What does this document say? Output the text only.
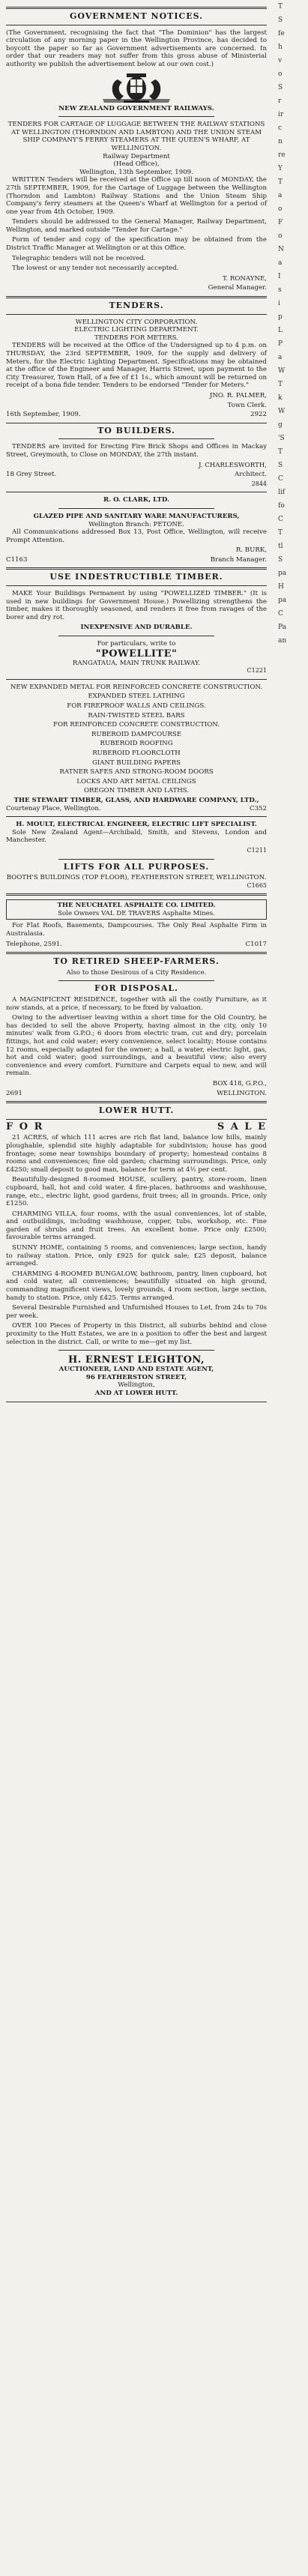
T
S
fe
h
v
o
S
r
ir
c
n
re
Y
T
a
o
F
o
N
a
I
s
i
p
L
P
a
W
T
k
W
g
'S
T
S
C
lif
fo
C
T
tl
S
pa
H
pa
C
Pa
an
GOVERNMENT NOTICES.

(The Government, recognising the fact that "The Dominion" has the largest circulation of any morning paper in the Wellington Province, has decided to boycott the paper so far as Government advertisements are concerned. In order that our readers may not suffer from this gross abuse of Ministerial authority we publish the advertisement below at our own cost.)

NEW ZEALAND GOVERNMENT RAILWAYS.
TENDERS FOR CARTAGE OF LUGGAGE BETWEEN THE RAILWAY STATIONS AT WELLINGTON (THORNDON AND LAMBTON) AND THE UNION STEAM SHIP COMPANY'S FERRY STEAMERS AT THE QUEEN'S WHARF, AT WELLINGTON.
Railway Department
(Head Office),
Wellington, 13th September, 1909.

WRITTEN Tenders will be received at the Office up till noon of MONDAY, the 27th SEPTEMBER, 1909, for the Cartage of Luggage between the Wellington (Thorndon and Lambton) Railway Stations and the Union Steam Ship Company's ferry steamers at the Queen's Wharf at Wellington for a period of one year from 4th October, 1909.

Tenders should be addressed to the General Manager, Railway Department, Wellington, and marked outside "Tender for Cartage."

Form of tender and copy of the specification may be obtained from the District Traffic Manager at Wellington or at this Office.

Telegraphic tenders will not be received.

The lowest or any tender not necessarily accepted.

T. RONAYNE,
General Manager.
TENDERS.
WELLINGTON CITY CORPORATION.
ELECTRIC LIGHTING DEPARTMENT.
TENDERS FOR METERS.

TENDERS will be received at the Office of the Undersigned up to 4 p.m. on THURSDAY, the 23rd SEPTEMBER, 1909, for the supply and delivery of Meters, for the Electric Lighting Department. Specifications may be obtained at the office of the Engineer and Manager, Harris Street, upon payment to the City Treasurer, Town Hall, of a fee of £1 1s., which amount will be returned on receipt of a bona fide tender. Tenders to be endorsed "Tender for Meters."

JNO. R. PALMER,
Town Clerk.
16th September, 1909.	2922
TO BUILDERS.

TENDERS are invited for Erecting Fire Brick Shops and Offices in Mackay Street, Greymouth, to Close on MONDAY, the 27th instant.

J. CHARLESWORTH,
18 Grey Street.	Architect.
2844
R. O. CLARK, LTD.
GLAZED PIPE AND SANITARY WARE MANUFACTURERS,
Wellington Branch: PETONE.

All Communications addressed Box 13, Post Office, Wellington, will receive Prompt Attention.

R. BURK,
C1163	Branch Manager.
USE INDESTRUCTIBLE TIMBER.

MAKE Your Buildings Permanent by using "POWELLIZED TIMBER." (It is used in new buildings for Government House.) Powellizing strengthens the timber, makes it thoroughly seasoned, and renders it free from ravages of the borer and dry rot.

INEXPENSIVE AND DURABLE.
For particulars, write to
"POWELLITE"
RANGATAUA, MAIN TRUNK RAILWAY.
C1221
NEW EXPANDED METAL FOR REINFORCED CONCRETE CONSTRUCTION.
EXPANDED STEEL LATHING
FOR FIREPROOF WALLS AND CEILINGS.
RAIN-TWISTED STEEL BARS
FOR REINFORCED CONCRETE CONSTRUCTION.
RUBEROID DAMPCOURSE
RUBEROID ROOFING
RUBEROID FLOORCLOTH
GIANT BUILDING PAPERS
RATNER SAFES AND STRONG-ROOM DOORS
LOCKS AND ART METAL CEILINGS
OREGON TIMBER AND LATHS.
THE STEWART TIMBER, GLASS, AND HARDWARE COMPANY, LTD.,
Courtenay Place, Wellington.	C352
H. MOULT, ELECTRICAL ENGINEER, ELECTRIC LIFT SPECIALIST.

Sole New Zealand Agent—Archibald, Smith, and Stevens, London and Manchester.

C1211
LIFTS FOR ALL PURPOSES.
BOOTH'S BUILDINGS (TOP FLOOR), FEATHERSTON STREET, WELLINGTON.
C1665
THE NEUCHATEL ASPHALTE CO. LIMITED.
Sole Owners VAL DE TRAVERS Asphalte Mines.

For Flat Roofs, Basements, Dampcourses. The Only Real Asphalte Firm in Australasia.

Telephone, 2591.	C1017
TO RETIRED SHEEP-FARMERS.
Also to those Desirous of a City Residence.
FOR DISPOSAL.

A MAGNIFICENT RESIDENCE, together with all the costly Furniture, as it now stands, at a price, if necessary, to be fixed by valuation.

Owing to the advertiser leaving within a short time for the Old Country, he has decided to sell the above Property, having almost in the city, only 10 minutes' walk from G.P.O.; 6 doors from electric tram, cut and dry; porcelain fittings, hot and cold water; every convenience, select locality; House contains 12 rooms, especially adapted for the owner; a hall, a water, electric light, gas, hot and cold water; good surroundings, and a beautiful view; also every convenience and every comfort. Furniture and Carpets equal to new, and will remain.

BOX 418, G.P.O.,
2691	WELLINGTON.
LOWER HUTT.
F O R	S A L E

21 ACRES, of which 111 acres are rich flat land, balance low hills, mainly ploughable, splendid site highly adaptable for subdivision; house has good frontage; some near townships boundary of property; homestead contains 8 rooms and conveniences; fine old garden; charming surroundings. Price, only £4250; small deposit to good man, balance for term at 4½ per cent.

Beautifully-designed 8-roomed HOUSE, scullery, pantry, store-room, linen cupboard, hall, hot and cold water, 4 fire-places, bathrooms and washhouse, range, etc., electric light, good gardens, fruit trees; all in grounds. Price, only £1250.

CHARMING VILLA, four rooms, with the usual conveniences, lot of stable, and outbuildings, including washhouse, copper, tubs, workshop, etc. Fine garden of shrubs and fruit trees. An excellent home. Price only £2500; favourable terms arranged.

SUNNY HOME, containing 5 rooms, and conveniences; large section, handy to railway station. Price, only £925 for quick sale; £25 deposit, balance arranged.

CHARMING 4-ROOMED BUNGALOW, bathroom, pantry, linen cupboard, hot and cold water, all conveniences; beautifully situated on high ground, commanding magnificent views, lovely grounds, 4 room section, large section, handy to station. Price, only £425. Terms arranged.

Several Desirable Furnished and Unfurnished Houses to Let, from 24s to 70s per week.

OVER 100 Pieces of Property in this District, all suburbs behind and close proximity to the Hutt Estates, we are in a position to offer the best and largest selection in the district. Call, or write to me—get my list.

H. ERNEST LEIGHTON,
AUCTIONEER, LAND AND ESTATE AGENT,
96 FEATHERSTON STREET,
Wellington,
AND AT LOWER HUTT.
